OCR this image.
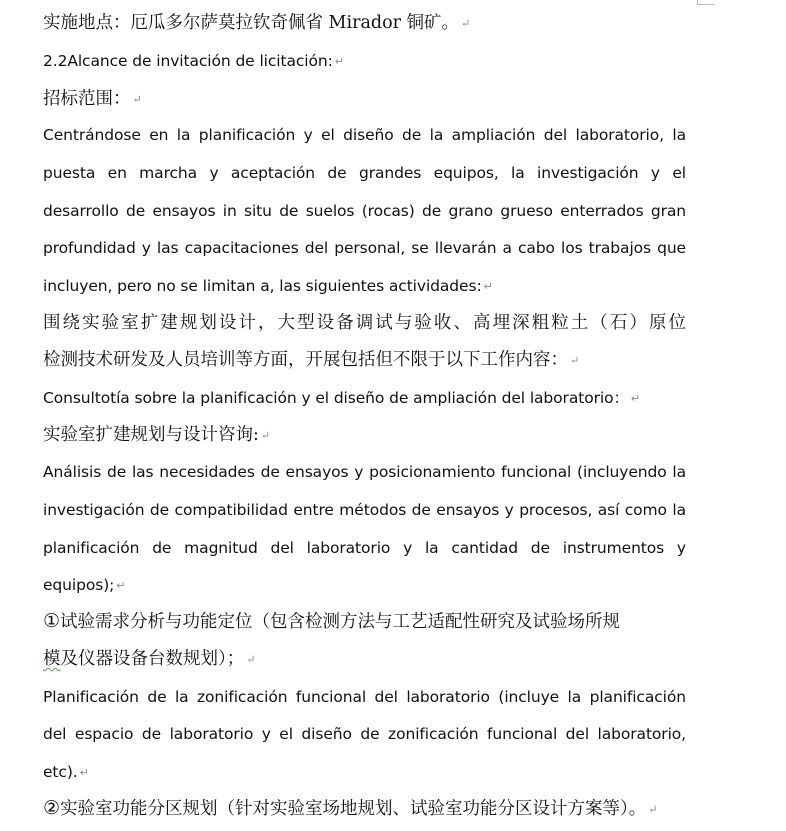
实施地点：厄瓜多尔萨莫拉钦奇佩省 Mirador 铜矿。 ↵
2.2Alcance de invitación de licitación: ↵
招标范围： ↵
Centrándose en la planificación y el diseño de la ampliación del laboratorio, la
puesta en marcha y aceptación de grandes equipos, la investigación y el
desarrollo de ensayos in situ de suelos (rocas) de grano grueso enterrados gran
profundidad y las capacitaciones del personal, se llevarán a cabo los trabajos que
incluyen, pero no se limitan a, las siguientes actividades: ↵
围绕实验室扩建规划设计，大型设备调试与验收、高埋深粗粒土（石）原位
检测技术研发及人员培训等方面，开展包括但不限于以下工作内容： ↵
Consultotía sobre la planificación y el diseño de ampliación del laboratorio： ↵
实验室扩建规划与设计咨询: ↵
Análisis de las necesidades de ensayos y posicionamiento funcional (incluyendo la
investigación de compatibilidad entre métodos de ensayos y procesos, así como la
planificación de magnitud del laboratorio y la cantidad de instrumentos y
equipos); ↵
①试验需求分析与功能定位（包含检测方法与工艺适配性研究及试验场所规
模及仪器设备台数规划）； ↵
Planificación de la zonificación funcional del laboratorio (incluye la planificación
del espacio de laboratorio y el diseño de zonificación funcional del laboratorio,
etc). ↵
②实验室功能分区规划（针对实验室场地规划、试验室功能分区设计方案等）。 ↵
